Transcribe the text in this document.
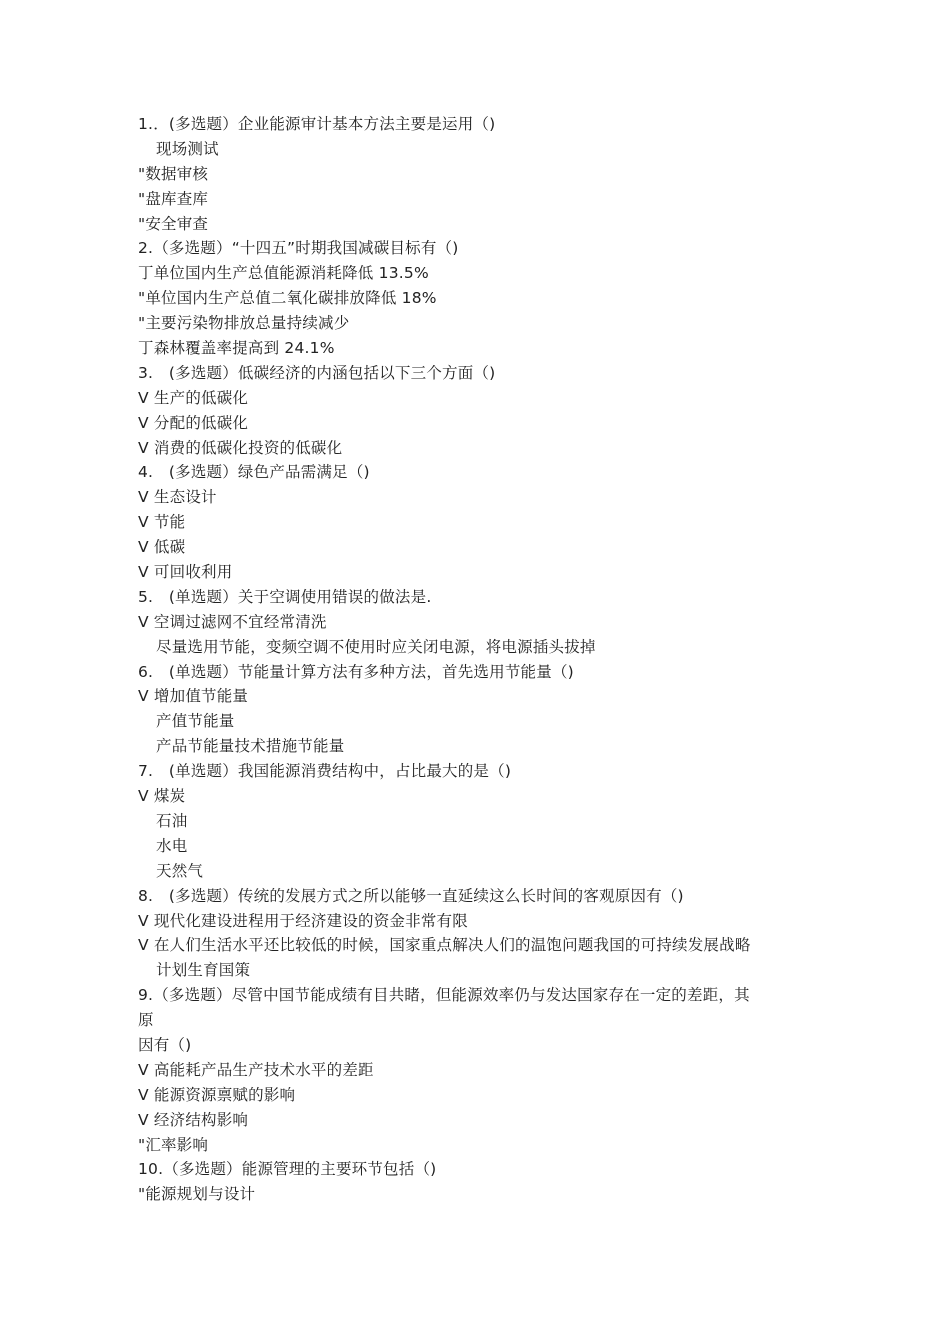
1.．(多选题）企业能源审计基本方法主要是运用（)
现场测试
"数据审核
"盘库查库
"安全审查
2.（多选题）“十四五”时期我国减碳目标有（)
丁单位国内生产总值能源消耗降低 13.5%
"单位国内生产总值二氧化碳排放降低 18%
"主要污染物排放总量持续减少
丁森林覆盖率提高到 24.1%
3.　(多选题）低碳经济的内涵包括以下三个方面（)
V 生产的低碳化
V 分配的低碳化
V 消费的低碳化投资的低碳化
4.　(多选题）绿色产品需满足（)
V 生态设计
V 节能
V 低碳
V 可回收利用
5.　(单选题）关于空调使用错误的做法是.
V 空调过滤网不宜经常清洗
尽量选用节能，变频空调不使用时应关闭电源，将电源插头拔掉
6.　(单选题）节能量计算方法有多种方法，首先选用节能量（)
V 增加值节能量
产值节能量
产品节能量技术措施节能量
7.　(单选题）我国能源消费结构中，占比最大的是（)
V 煤炭
石油
水电
天然气
8.　(多选题）传统的发展方式之所以能够一直延续这么长时间的客观原因有（)
V 现代化建设进程用于经济建设的资金非常有限
V 在人们生活水平还比较低的时候，国家重点解决人们的温饱问题我国的可持续发展战略
计划生育国策
9.（多选题）尽管中国节能成绩有目共睹，但能源效率仍与发达国家存在一定的差距，其
原
因有（)
V 高能耗产品生产技术水平的差距
V 能源资源禀赋的影响
V 经济结构影响
"汇率影响
10.（多选题）能源管理的主要环节包括（)
"能源规划与设计
